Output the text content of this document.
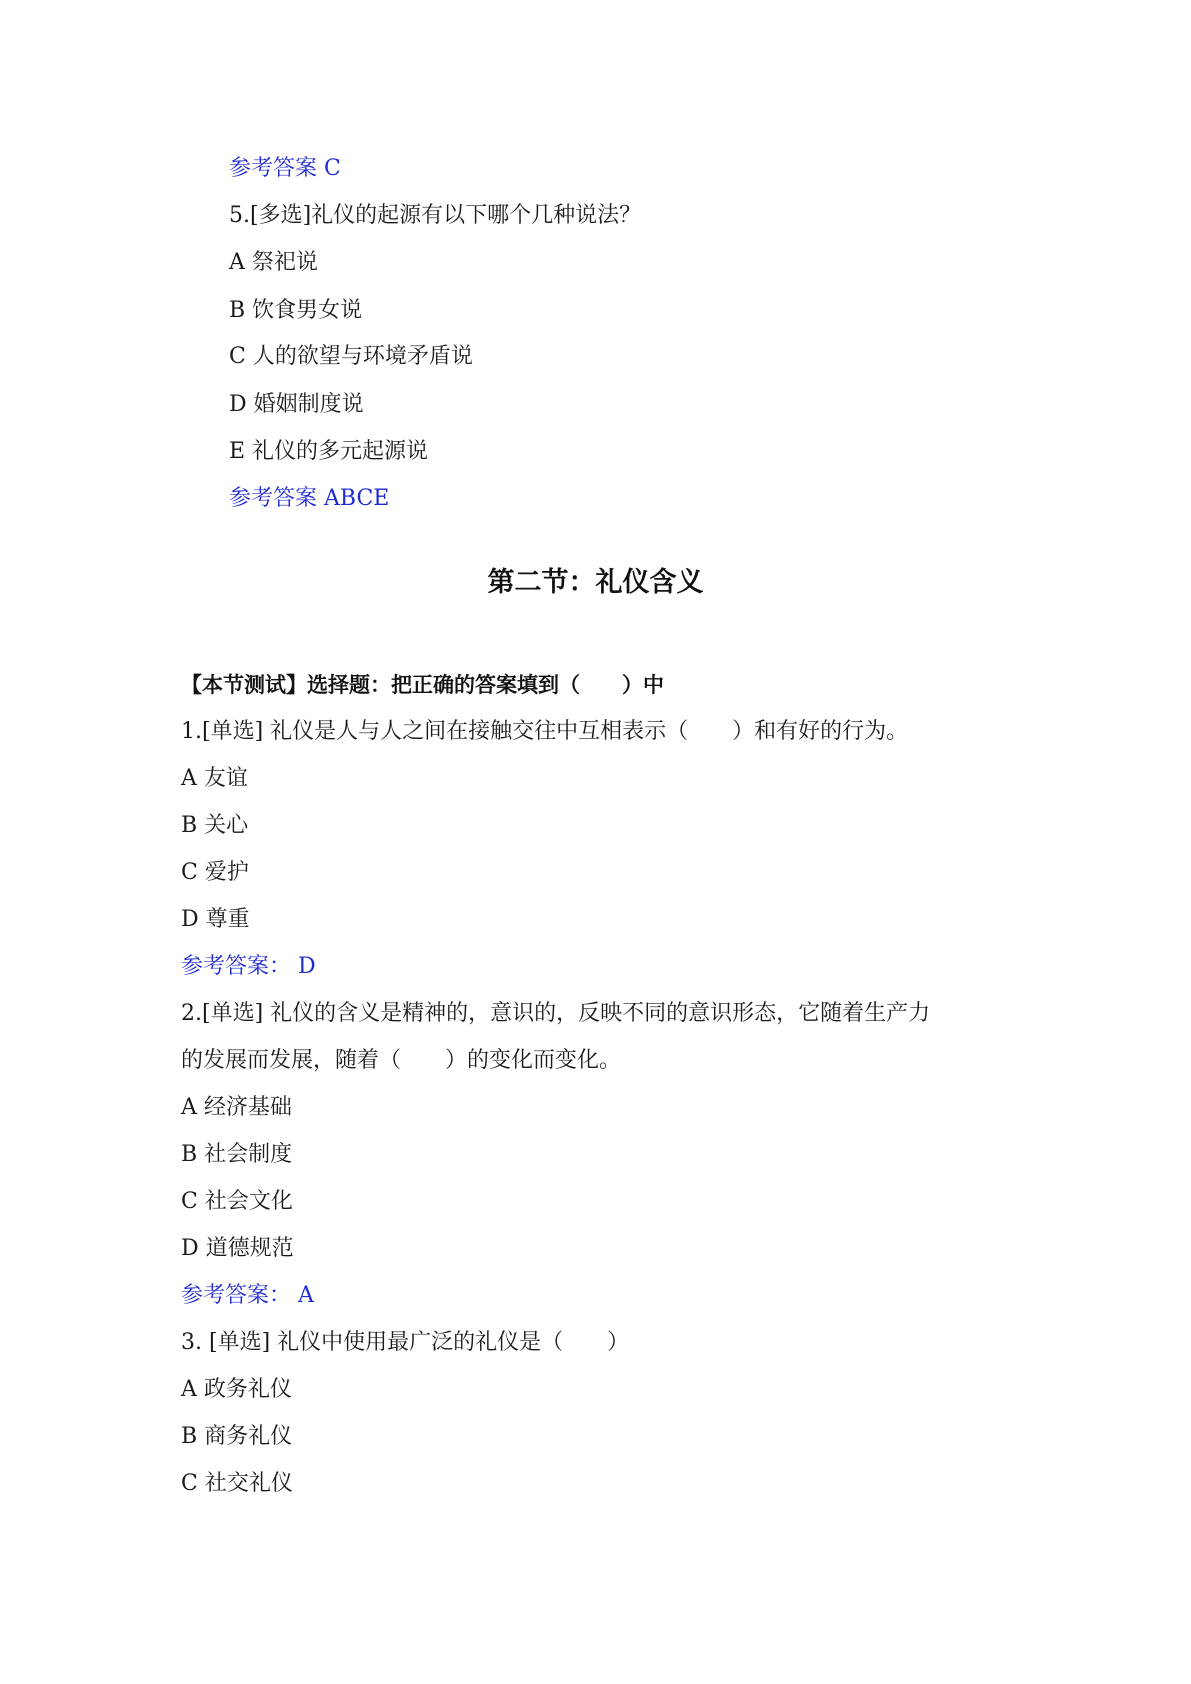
参考答案 C
5.[多选]礼仪的起源有以下哪个几种说法？
A 祭祀说
B 饮食男女说
C 人的欲望与环境矛盾说
D 婚姻制度说
E 礼仪的多元起源说
参考答案 ABCE
第二节：礼仪含义
【本节测试】选择题：把正确的答案填到（　　）中
1.[单选] 礼仪是人与人之间在接触交往中互相表示（　　）和有好的行为。
A 友谊
B 关心
C 爱护
D 尊重
参考答案： D
2.[单选] 礼仪的含义是精神的，意识的，反映不同的意识形态，它随着生产力
的发展而发展，随着（　　）的变化而变化。
A 经济基础
B 社会制度
C 社会文化
D 道德规范
参考答案： A
3. [单选] 礼仪中使用最广泛的礼仪是（　　）
A 政务礼仪
B 商务礼仪
C 社交礼仪
